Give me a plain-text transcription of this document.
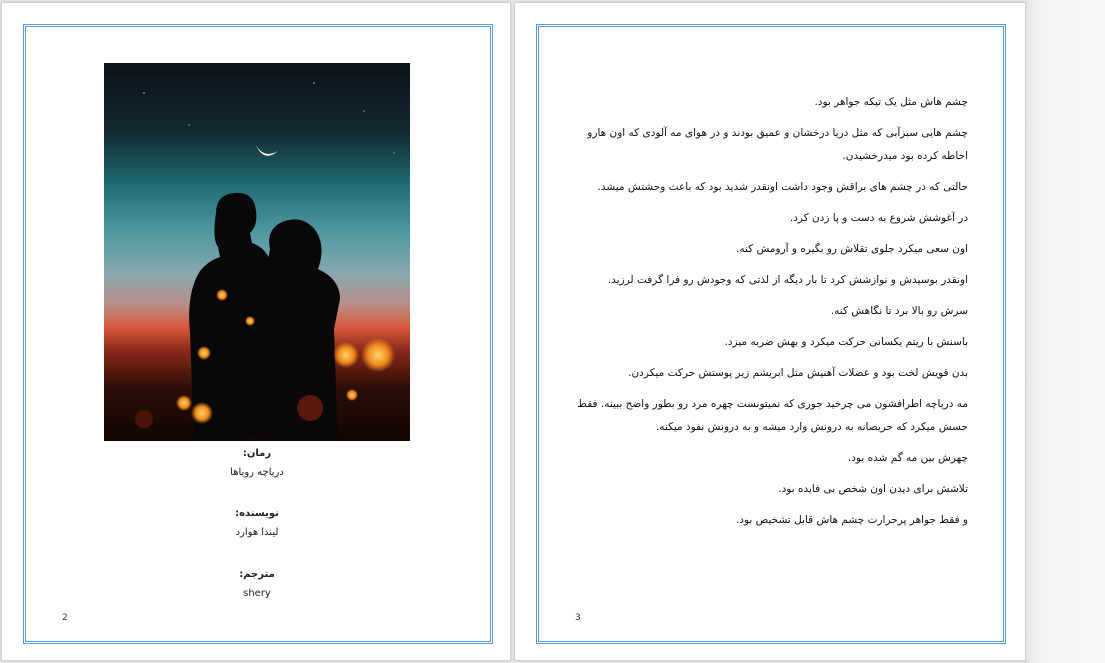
رمان:
دریاچه رویاها
نویسنده:
لیندا هوارد
مترجم:
shery
2

چشم هاش مثل یک تیکه جواهر بود.

چشم هایی سبزآبی که مثل دریا درخشان و عمیق بودند و در هوای مه آلودی که اون هارو احاطه کرده بود میدرخشیدن.

حالتی که در چشم های براقش وجود داشت اونقدر شدید بود که باعث وحشتش میشد.

در آغوشش شروع به دست و پا زدن کرد.

اون سعی میکرد جلوی تقلاش رو بگیره و آرومش کنه.

اونقدر بوسیدش و نوازشش کرد تا بار دیگه از لذتی که وجودش رو فرا گرفت لرزید.

سرش رو بالا برد تا نگاهش کنه.

باسنش با ریتم یکسانی حرکت میکرد و بهش ضربه میزد.

بدن قویش لخت بود و عضلات آهنیش مثل ابریشم زیر پوستش حرکت میکردن.

مه دریاچه اطرافشون می چرخید جوری که نمیتونست چهره مرد رو بطور واضح ببینه. فقط حسش میکرد که حریصانه به درونش وارد میشه و به درونش نفوذ میکنه.

چهرش بین مه گم شده بود.

تلاشش برای دیدن اون شخص بی فایده بود.

و فقط جواهر پرحرارت چشم هاش قابل تشخیص بود.

3
